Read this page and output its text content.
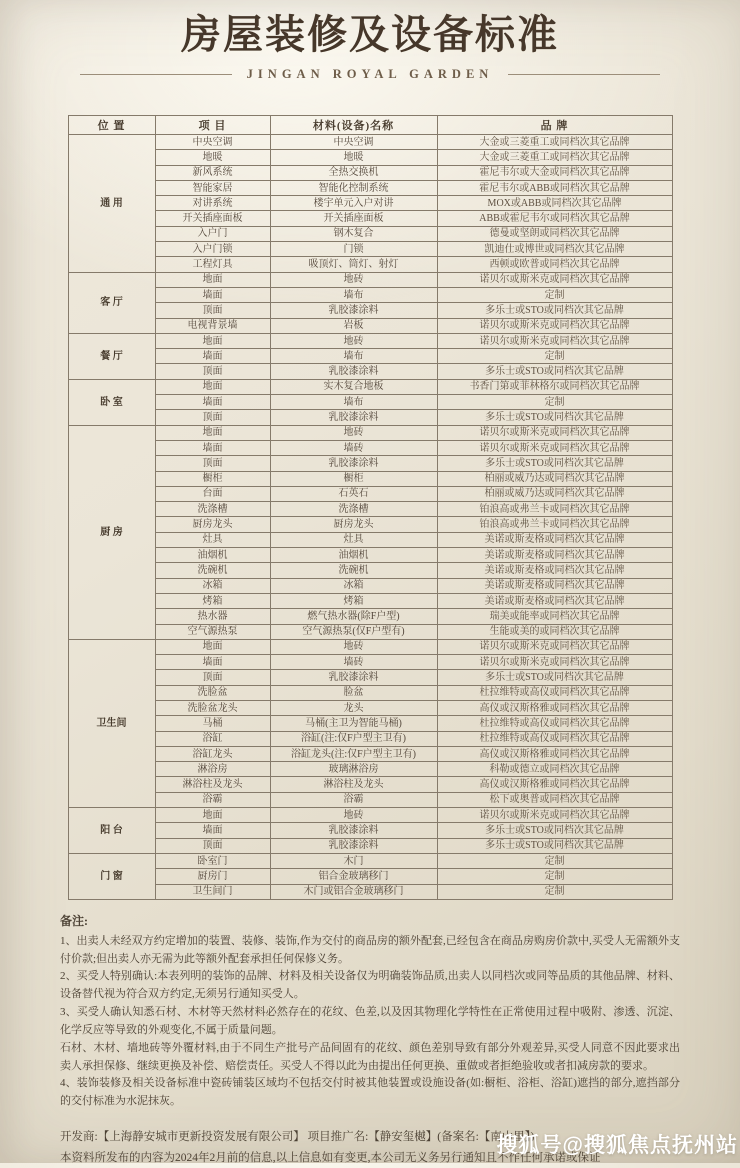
房屋装修及设备标准
JINGAN ROYAL GARDEN
位 置	项 目	材料(设备)名称	品 牌
通 用	中央空调	中央空调	大金或三菱重工或同档次其它品牌
	地暖	地暖	大金或三菱重工或同档次其它品牌
	新风系统	全热交换机	霍尼韦尔或大金或同档次其它品牌
	智能家居	智能化控制系统	霍尼韦尔或ABB或同档次其它品牌
	对讲系统	楼宇单元入户对讲	MOX或ABB或同档次其它品牌
	开关插座面板	开关插座面板	ABB或霍尼韦尔或同档次其它品牌
	入户门	钢木复合	德曼或坚朗或同档次其它品牌
	入户门锁	门锁	凯迪仕或博世或同档次其它品牌
	工程灯具	吸顶灯、筒灯、射灯	西顿或欧普或同档次其它品牌
客 厅	地面	地砖	诺贝尔或斯米克或同档次其它品牌
	墙面	墙布	定制
	顶面	乳胶漆涂料	多乐士或STO或同档次其它品牌
	电视背景墙	岩板	诺贝尔或斯米克或同档次其它品牌
餐 厅	地面	地砖	诺贝尔或斯米克或同档次其它品牌
	墙面	墙布	定制
	顶面	乳胶漆涂料	多乐士或STO或同档次其它品牌
卧 室	地面	实木复合地板	书香门第或菲林格尔或同档次其它品牌
	墙面	墙布	定制
	顶面	乳胶漆涂料	多乐士或STO或同档次其它品牌
厨 房	地面	地砖	诺贝尔或斯米克或同档次其它品牌
	墙面	墙砖	诺贝尔或斯米克或同档次其它品牌
	顶面	乳胶漆涂料	多乐士或STO或同档次其它品牌
	橱柜	橱柜	柏丽或威乃达或同档次其它品牌
	台面	石英石	柏丽或威乃达或同档次其它品牌
	洗涤槽	洗涤槽	铂浪高或弗兰卡或同档次其它品牌
	厨房龙头	厨房龙头	铂浪高或弗兰卡或同档次其它品牌
	灶具	灶具	美诺或斯麦格或同档次其它品牌
	油烟机	油烟机	美诺或斯麦格或同档次其它品牌
	洗碗机	洗碗机	美诺或斯麦格或同档次其它品牌
	冰箱	冰箱	美诺或斯麦格或同档次其它品牌
	烤箱	烤箱	美诺或斯麦格或同档次其它品牌
	热水器	燃气热水器(除F户型)	瑞美或能率或同档次其它品牌
	空气源热泵	空气源热泵(仅F户型有)	生能或美的或同档次其它品牌
卫生间	地面	地砖	诺贝尔或斯米克或同档次其它品牌
	墙面	墙砖	诺贝尔或斯米克或同档次其它品牌
	顶面	乳胶漆涂料	多乐士或STO或同档次其它品牌
	洗脸盆	脸盆	杜拉维特或高仪或同档次其它品牌
	洗脸盆龙头	龙头	高仪或汉斯格雅或同档次其它品牌
	马桶	马桶(主卫为智能马桶)	杜拉维特或高仪或同档次其它品牌
	浴缸	浴缸(注:仅F户型主卫有)	杜拉维特或高仪或同档次其它品牌
	浴缸龙头	浴缸龙头(注:仅F户型主卫有)	高仪或汉斯格雅或同档次其它品牌
	淋浴房	玻璃淋浴房	科勒或德立或同档次其它品牌
	淋浴柱及龙头	淋浴柱及龙头	高仪或汉斯格雅或同档次其它品牌
	浴霸	浴霸	松下或奥普或同档次其它品牌
阳 台	地面	地砖	诺贝尔或斯米克或同档次其它品牌
	墙面	乳胶漆涂料	多乐士或STO或同档次其它品牌
	顶面	乳胶漆涂料	多乐士或STO或同档次其它品牌
门 窗	卧室门	木门	定制
	厨房门	铝合金玻璃移门	定制
	卫生间门	木门或铝合金玻璃移门	定制
备注:

1、出卖人未经双方约定增加的装置、装修、装饰,作为交付的商品房的额外配套,已经包含在商品房购房价款中,买受人无需额外支付价款;但出卖人亦无需为此等额外配套承担任何保修义务。

2、买受人特别确认:本表列明的装饰的品牌、材料及相关设备仅为明确装饰品质,出卖人以同档次或同等品质的其他品牌、材料、设备替代视为符合双方约定,无须另行通知买受人。

3、买受人确认知悉石材、木材等天然材料必然存在的花纹、色差,以及因其物理化学特性在正常使用过程中吸附、渗透、沉淀、化学反应等导致的外观变化,不属于质量问题。

石材、木材、墙地砖等外覆材料,由于不同生产批号产品间固有的花纹、颜色差别导致有部分外观差异,买受人同意不因此要求出卖人承担保修、继续更换及补偿、赔偿责任。买受人不得以此为由提出任何更换、重做或者拒绝验收或者扣减房款的要求。

4、装饰装修及相关设备标准中瓷砖铺装区域均不包括交付时被其他装置或设施设备(如:橱柜、浴柜、浴缸)遮挡的部分,遮挡部分的交付标准为水泥抹灰。

开发商:【上海静安城市更新投资发展有限公司】 项目推广名:【静安玺樾】(备案名:【南山里】)

本资料所发布的内容为2024年2月前的信息,以上信息如有变更,本公司无义务另行通知且不作任何承诺或保证

搜狐号@搜狐焦点抚州站
